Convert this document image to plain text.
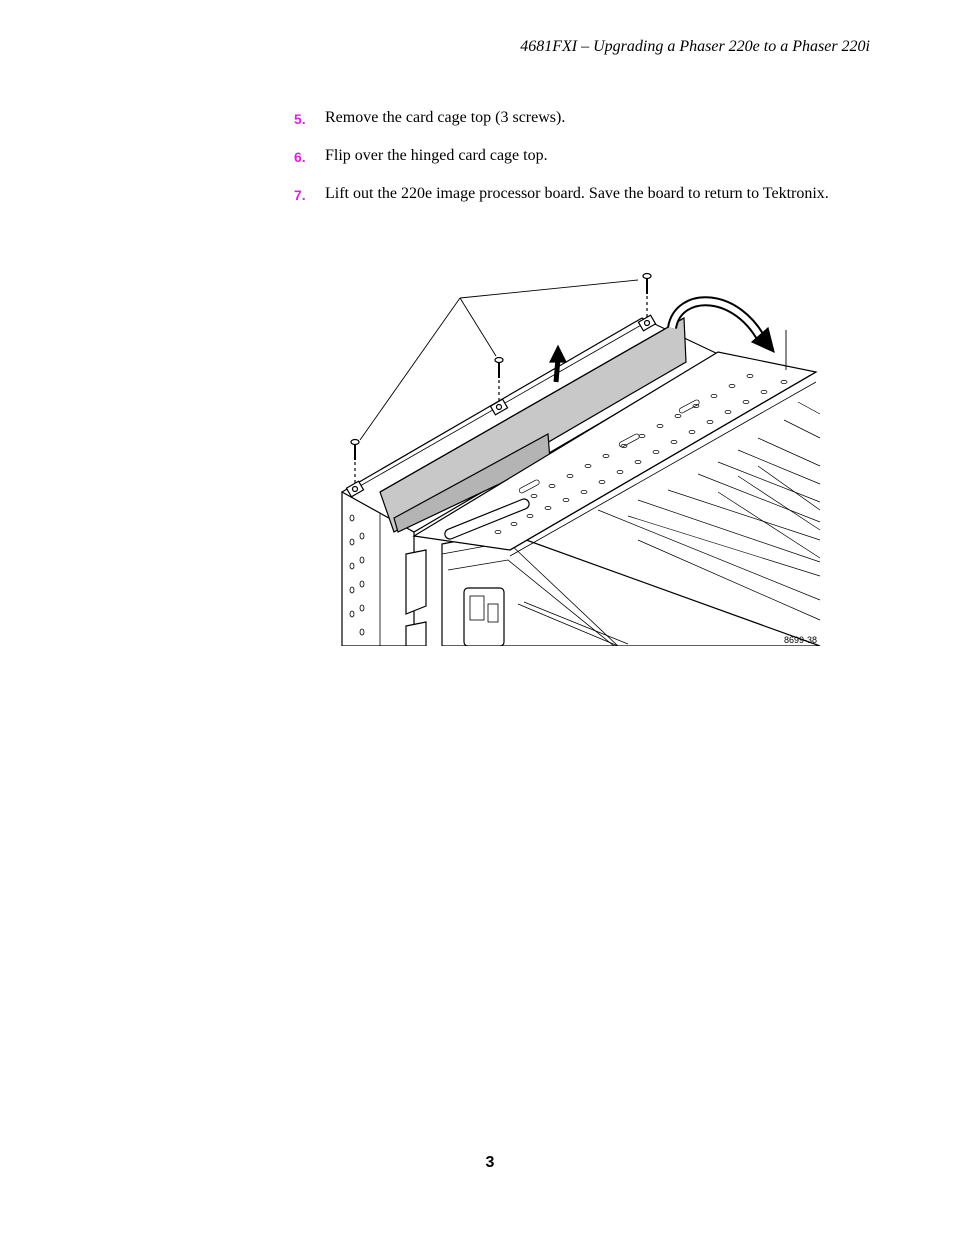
4681FXI – Upgrading a Phaser 220e to a Phaser 220i
5. Remove the card cage top (3 screws).
6. Flip over the hinged card cage top.
7. Lift out the 220e image processor board. Save the board to return to Tektronix.
8699-38
3
